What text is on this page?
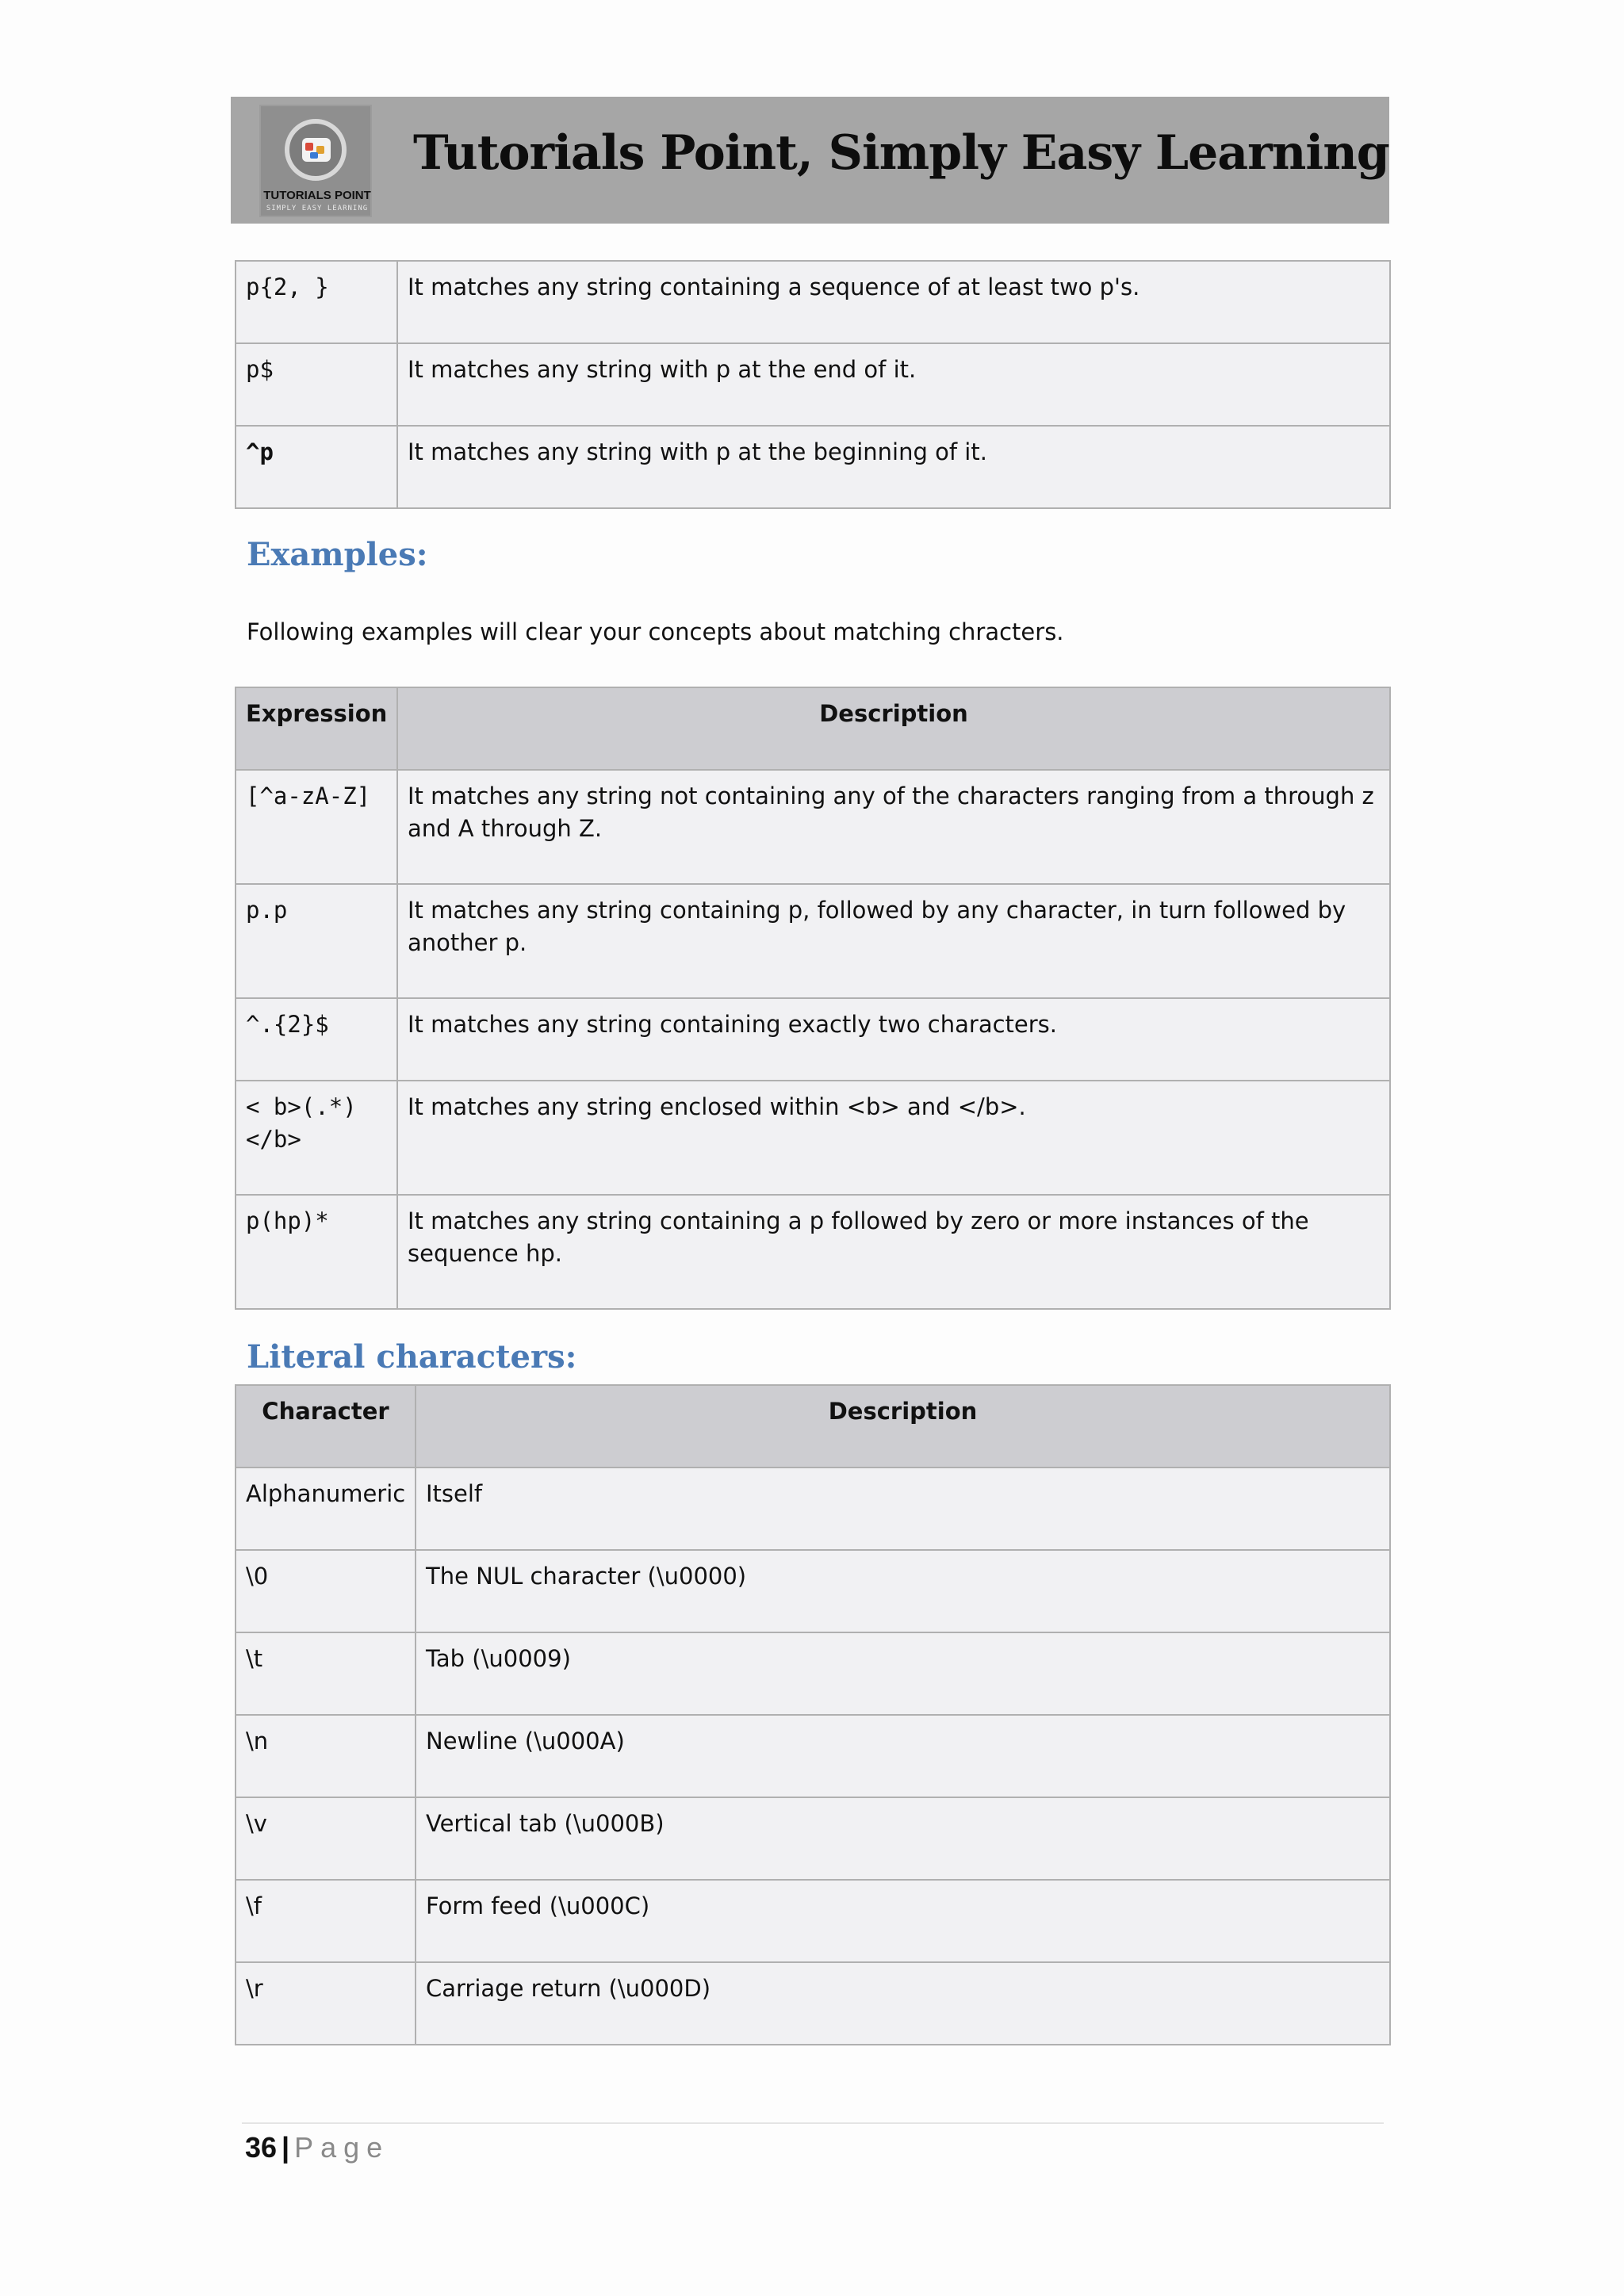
TUTORIALS POINT
SIMPLY EASY LEARNING
Tutorials Point, Simply Easy Learning
p{2, }	It matches any string containing a sequence of at least two p's.
p$	It matches any string with p at the end of it.
^p	It matches any string with p at the beginning of it.
Examples:

Following examples will clear your concepts about matching chracters.

Expression	Description
[^a-zA-Z]	It matches any string not containing any of the characters ranging from a through z and A through Z.
p.p	It matches any string containing p, followed by any character, in turn followed by another p.
^.{2}$	It matches any string containing exactly two characters.
< b>(.*)</b>	It matches any string enclosed within <b> and </b>.
p(hp)*	It matches any string containing a p followed by zero or more instances of the sequence hp.
Literal characters:
Character	Description
Alphanumeric	Itself
\0	The NUL character (\u0000)
\t	Tab (\u0009)
\n	Newline (\u000A)
\v	Vertical tab (\u000B)
\f	Form feed (\u000C)
\r	Carriage return (\u000D)
36 | Page
